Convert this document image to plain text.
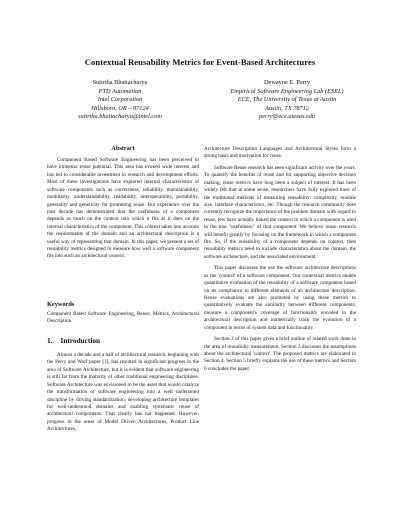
Contextual Reusability Metrics for Event-Based Architectures
Sutirtha Bhattacharya
PTD Automation
Intel Corporation
Hillsboro, OR – 97124
sutirtha.bhattacharya@intel.com
Dewayne E. Perry
Empirical Software Engineering Lab (ESEL)
ECE, The University of Texas at Austin
Austin, TX 78712
perry@ece.utexas.edu
Abstract

Component Based Software Engineering has been perceived to have immense reuse potential. This area has evoked wide interest and has led to considerable investment in research and development efforts. Most of these investigations have explored internal characteristics of software components such as correctness, reliability, maintainability, modularity, understandability, readability, interoperability, portability, generality and genericity for promoting reuse. But experience over the past decade has demonstrated that the usefulness of a component depends as much on the context into which it fits as it does on the internal characteristics of the component. This context takes into account the requirements of the domain and an architectural description is a useful way of representing that domain. In this paper, we present a set of reusability metrics designed to measure how well a software component fits into such an architectural context.

Keywords

Component Based Software Engineering, Reuse, Metrics, Architectural Description

1. Introduction

Almost a decade and a half of architectural research, beginning with the Perry and Wolf paper [1], has resulted in significant progress in the area of Software Architecture, but it is evident that software engineering is still far from the maturity of other traditional engineering disciplines. Software Architecture was envisioned to be the asset that would catalyze the transformation of software engineering into a well understood discipline by driving standardization, developing architecture templates for well-understood domains and enabling systematic reuse of architectural components. That clearly has not happened. However, progress in the areas of Model Driven Architectures, Product Line Architectures,

Architecture Description Languages and Architectural Styles form a strong basis and motivation for reuse.

Software Reuse research has seen significant activity over the years. To quantify the benefits of reuse and for supporting objective decision making, reuse metrics have long been a subject of interest. It has been widely felt that in some sense, researchers have fully explored most of the traditional methods of measuring reusability: complexity, module size, interface characteristics, etc. Though the research community does currently recognize the importance of the problem domain with regard to reuse, few have actually linked the context in which a component is used to the true "usefulness" of that component. We believe reuse research will benefit greatly by focusing on the framework in which a component fits. So, if the reusability of a component depends on context, then reusability metrics need to include characteristics about the domain, the software architecture, and the associated environment.

This paper discusses the use the software architecture descriptions as the 'context' of a software component. Our contextual metrics enable quantitative evaluation of the reusability of a software component based on its compliance to different elements of an architecture description. Reuse evaluations are also promoted by using these metrics to quantitatively evaluate the similarity between different components, measure a component's coverage of functionality encoded in the architectural description and numerically track the evolution of a component in terms of system data and functionality.

Section 2 of this paper gives a brief outline of related work done in the area of reusability measurement. Section 3 discusses the assumptions about the architectural 'context'. The proposed metrics are elaborated in Section 4. Section 5 briefly explains the use of these metrics and Section 6 concludes the paper.
